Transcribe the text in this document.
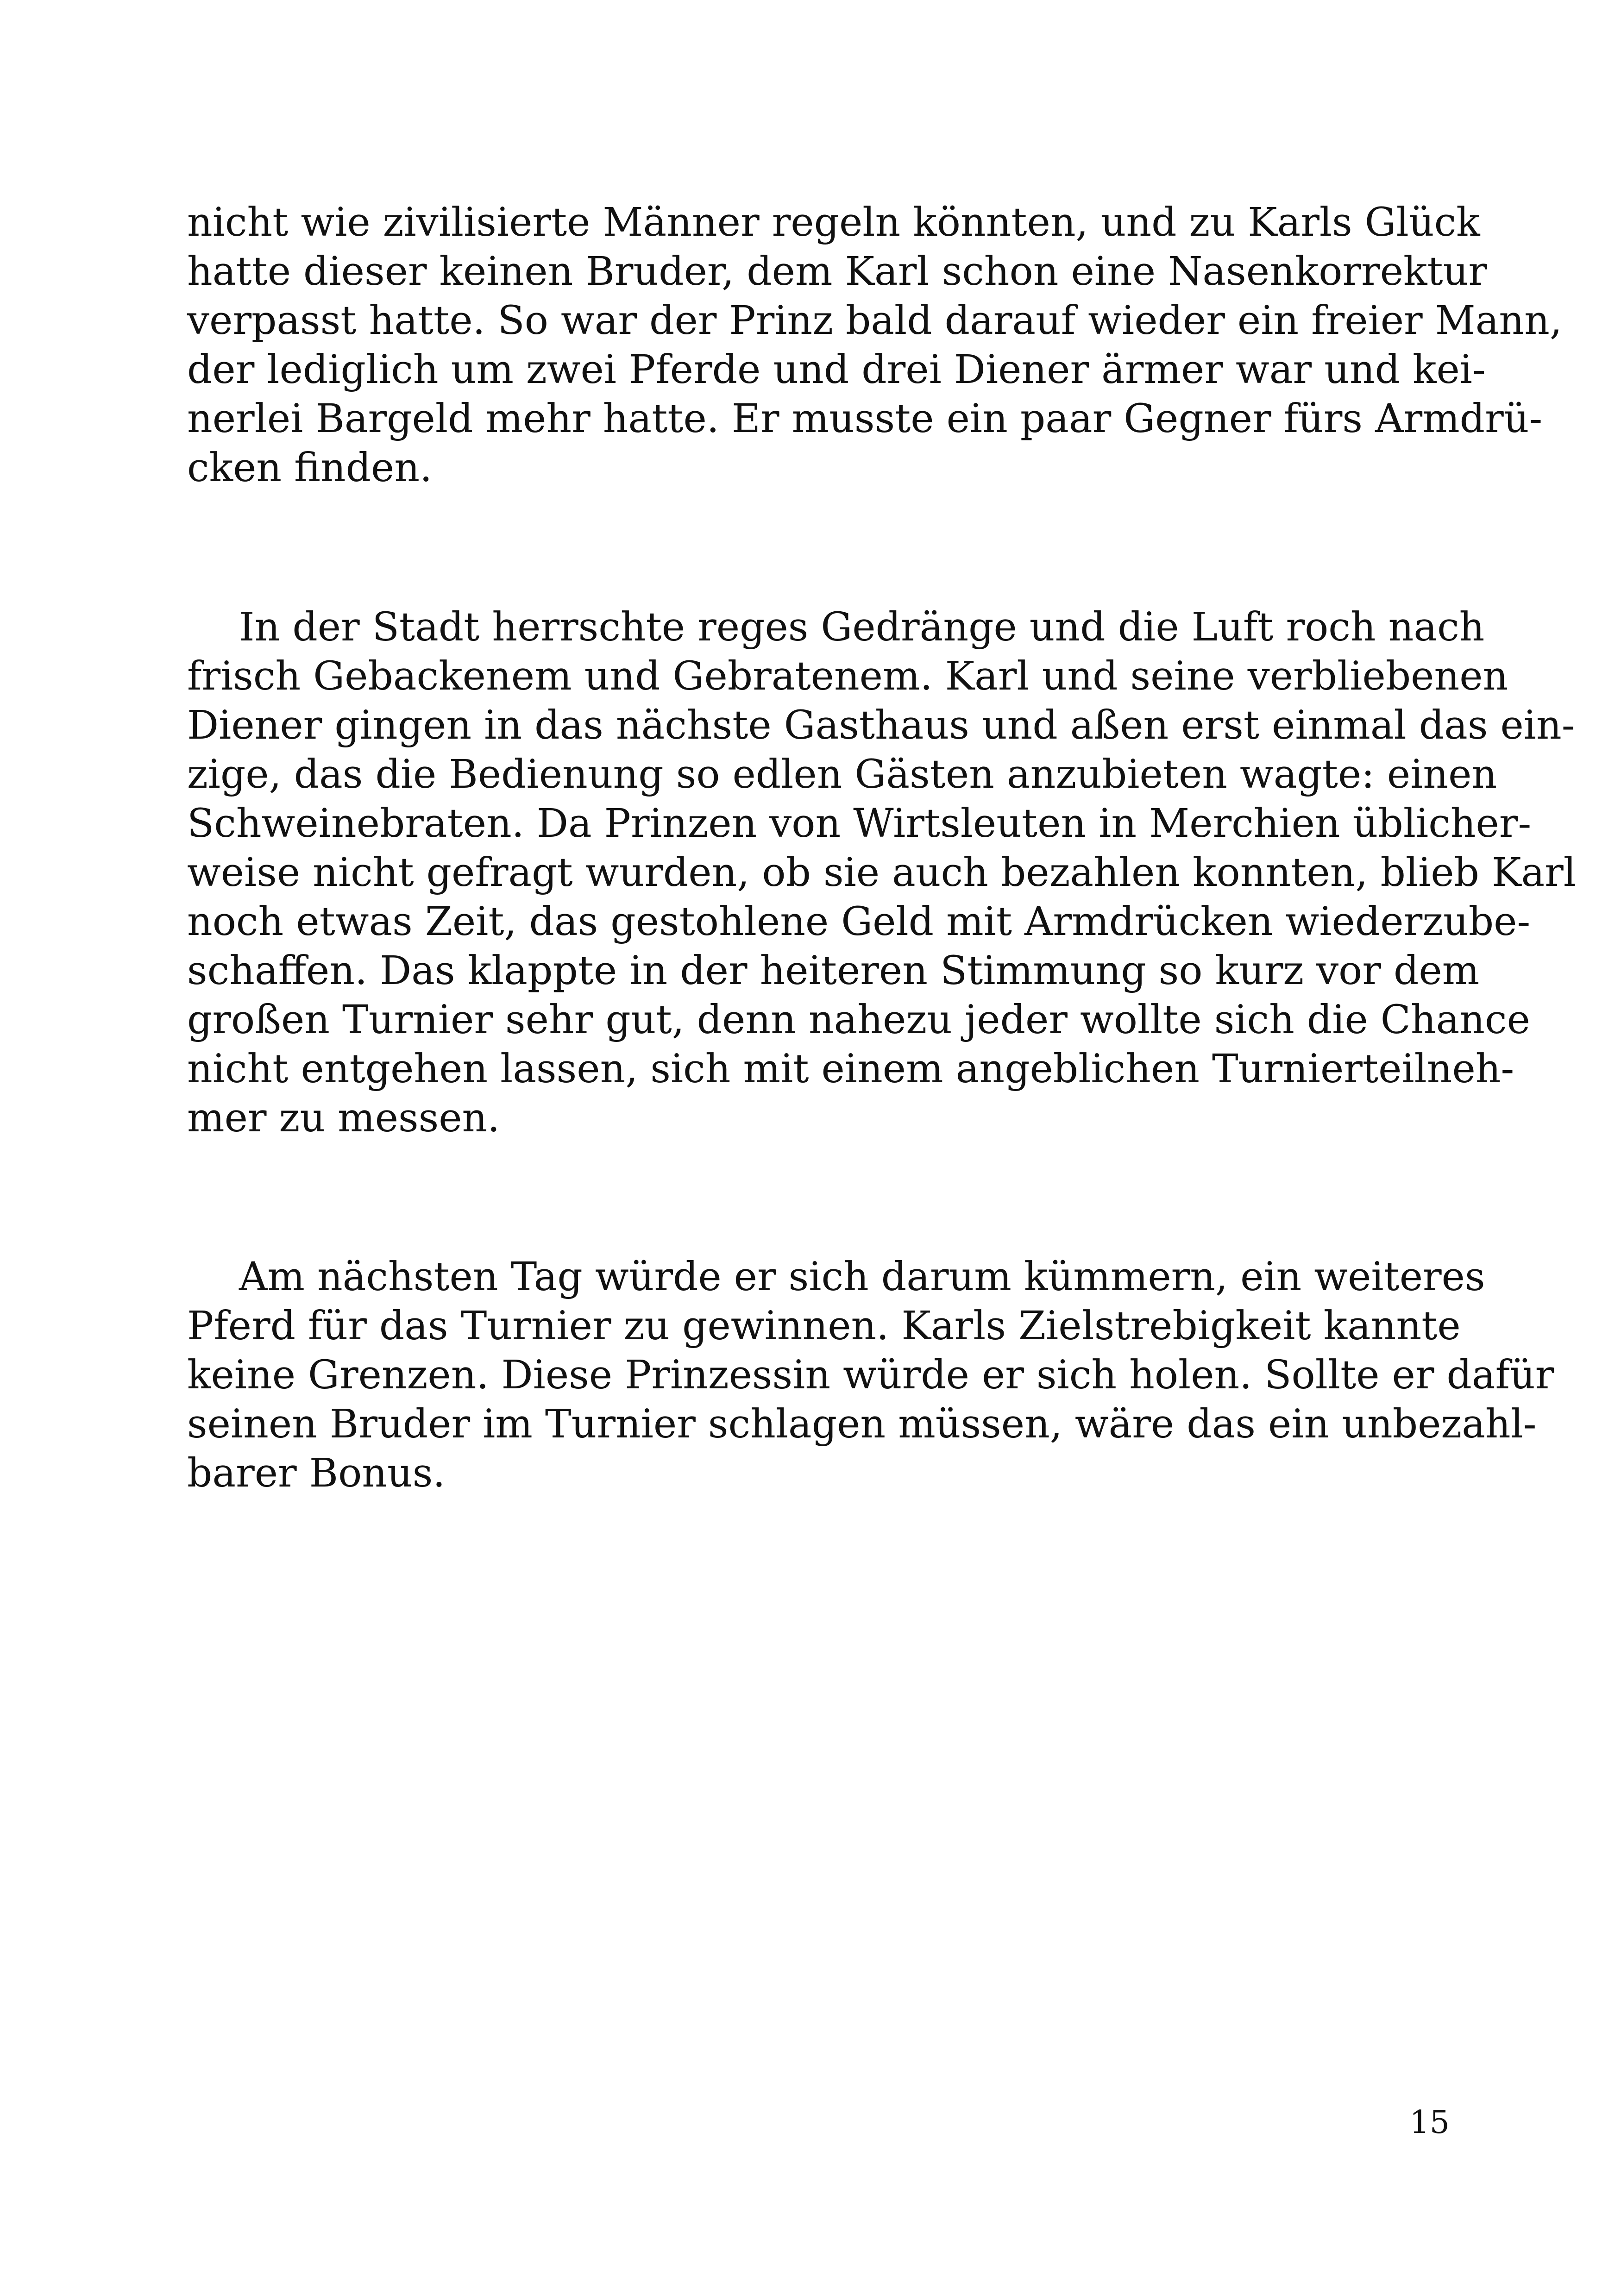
nicht wie zivilisierte Männer regeln könnten, und zu Karls Glück
hatte dieser keinen Bruder, dem Karl schon eine Nasenkorrektur
verpasst hatte. So war der Prinz bald darauf wieder ein freier Mann,
der lediglich um zwei Pferde und drei Diener ärmer war und kei-
nerlei Bargeld mehr hatte. Er musste ein paar Gegner fürs Armdrü-
cken finden.
In der Stadt herrschte reges Gedränge und die Luft roch nach
frisch Gebackenem und Gebratenem. Karl und seine verbliebenen
Diener gingen in das nächste Gasthaus und aßen erst einmal das ein-
zige, das die Bedienung so edlen Gästen anzubieten wagte: einen
Schweinebraten. Da Prinzen von Wirtsleuten in Merchien üblicher-
weise nicht gefragt wurden, ob sie auch bezahlen konnten, blieb Karl
noch etwas Zeit, das gestohlene Geld mit Armdrücken wiederzube-
schaffen. Das klappte in der heiteren Stimmung so kurz vor dem
großen Turnier sehr gut, denn nahezu jeder wollte sich die Chance
nicht entgehen lassen, sich mit einem angeblichen Turnierteilneh-
mer zu messen.
Am nächsten Tag würde er sich darum kümmern, ein weiteres
Pferd für das Turnier zu gewinnen. Karls Zielstrebigkeit kannte
keine Grenzen. Diese Prinzessin würde er sich holen. Sollte er dafür
seinen Bruder im Turnier schlagen müssen, wäre das ein unbezahl-
barer Bonus.
15
